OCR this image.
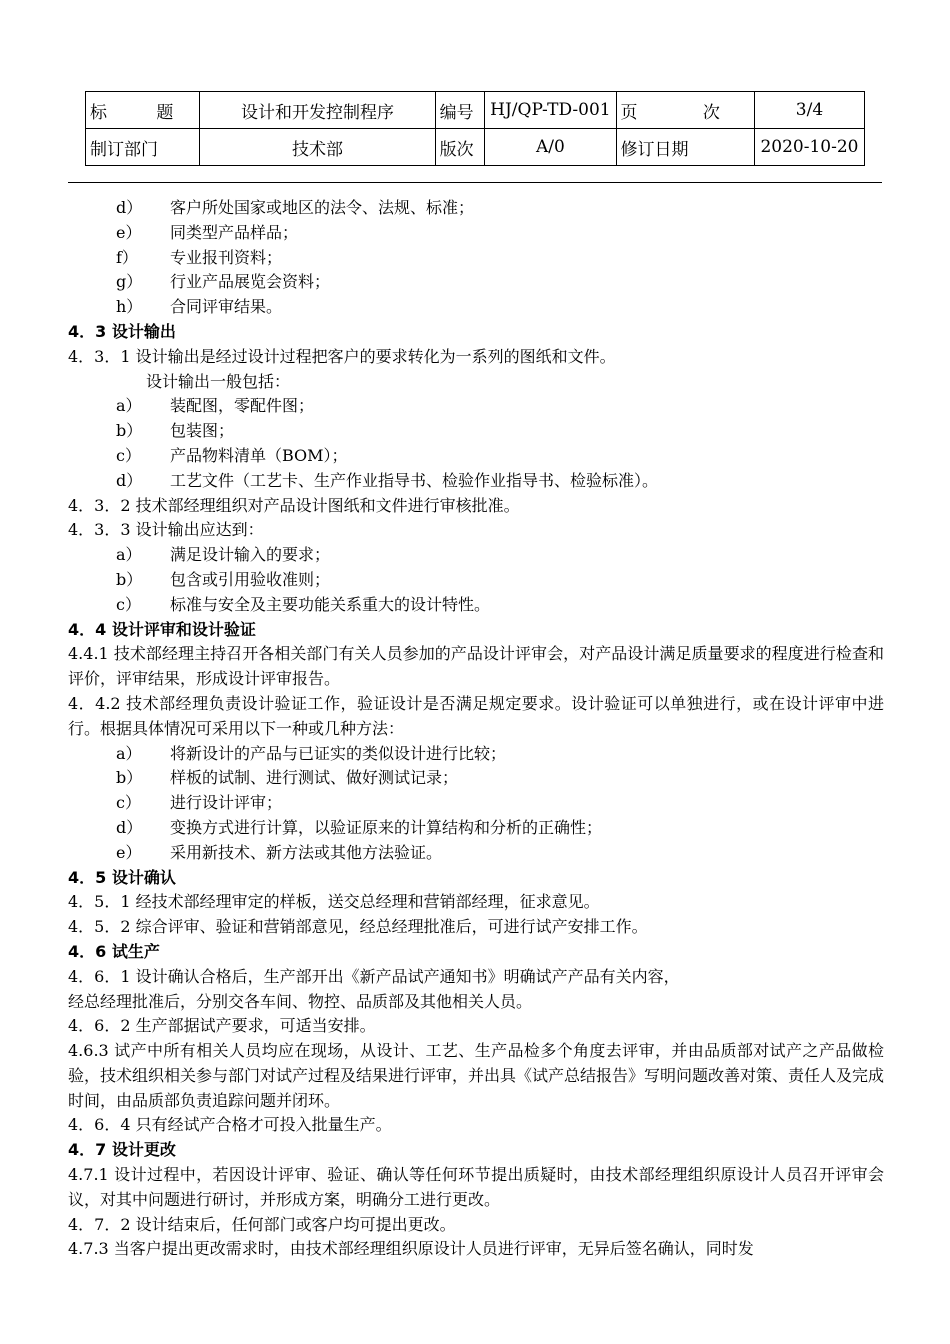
标 题	设计和开发控制程序	编号	HJ/QP-TD-001	页 次	3/4
制订部门	技术部	版次	A/0	修订日期	2020-10-20

d） 客户所处国家或地区的法令、法规、标准；

e） 同类型产品样品；

f） 专业报刊资料；

g） 行业产品展览会资料；

h） 合同评审结果。

4．3 设计输出

4．3．1 设计输出是经过设计过程把客户的要求转化为一系列的图纸和文件。

设计输出一般包括：

a） 装配图，零配件图；

b） 包装图；

c） 产品物料清单（BOM）；

d） 工艺文件（工艺卡、生产作业指导书、检验作业指导书、检验标准）。

4．3．2 技术部经理组织对产品设计图纸和文件进行审核批准。

4．3．3 设计输出应达到：

a） 满足设计输入的要求；

b） 包含或引用验收准则；

c） 标准与安全及主要功能关系重大的设计特性。

4．4 设计评审和设计验证

4.4.1 技术部经理主持召开各相关部门有关人员参加的产品设计评审会，对产品设计满足质量要求的程度进行检查和评价，评审结果，形成设计评审报告。

4．4.2 技术部经理负责设计验证工作，验证设计是否满足规定要求。设计验证可以单独进行，或在设计评审中进行。根据具体情况可采用以下一种或几种方法：

a） 将新设计的产品与已证实的类似设计进行比较；

b） 样板的试制、进行测试、做好测试记录；

c） 进行设计评审；

d） 变换方式进行计算，以验证原来的计算结构和分析的正确性；

e） 采用新技术、新方法或其他方法验证。

4．5 设计确认

4．5．1 经技术部经理审定的样板，送交总经理和营销部经理，征求意见。

4．5．2 综合评审、验证和营销部意见，经总经理批准后，可进行试产安排工作。

4．6 试生产

4．6．1 设计确认合格后，生产部开出《新产品试产通知书》明确试产产品有关内容，

经总经理批准后，分别交各车间、物控、品质部及其他相关人员。

4．6．2 生产部据试产要求，可适当安排。

4.6.3 试产中所有相关人员均应在现场，从设计、工艺、生产品检多个角度去评审，并由品质部对试产之产品做检验，技术组织相关参与部门对试产过程及结果进行评审，并出具《试产总结报告》写明问题改善对策、责任人及完成时间，由品质部负责追踪问题并闭环。

4．6．4 只有经试产合格才可投入批量生产。

4．7 设计更改

4.7.1 设计过程中，若因设计评审、验证、确认等任何环节提出质疑时，由技术部经理组织原设计人员召开评审会议，对其中问题进行研讨，并形成方案，明确分工进行更改。

4．7．2 设计结束后，任何部门或客户均可提出更改。

4.7.3 当客户提出更改需求时，由技术部经理组织原设计人员进行评审，无异后签名确认，同时发
